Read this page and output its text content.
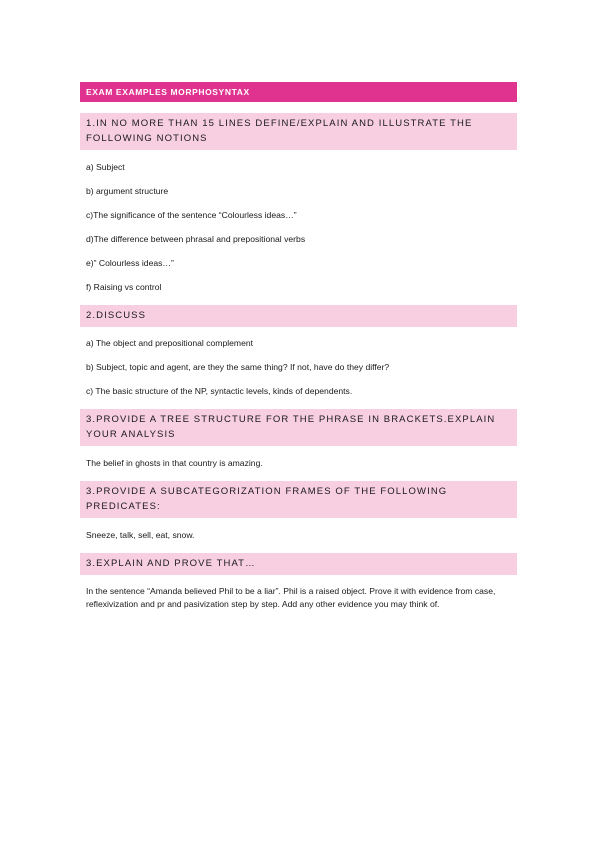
EXAM EXAMPLES MORPHOSYNTAX
1.IN NO MORE THAN 15 LINES DEFINE/EXPLAIN AND ILLUSTRATE THE FOLLOWING NOTIONS
a) Subject
b) argument structure
c)The significance of the sentence “Colourless ideas…”
d)The difference between phrasal and prepositional verbs
e)” Colourless ideas…”
f) Raising vs control
2.DISCUSS
a) The object and prepositional complement
b) Subject, topic and agent, are they the same thing? If not, have do they differ?
c) The basic structure of the NP, syntactic levels, kinds of dependents.
3.PROVIDE A TREE STRUCTURE FOR THE PHRASE IN BRACKETS.EXPLAIN YOUR ANALYSIS
The belief in ghosts in that country is amazing.
3.PROVIDE A SUBCATEGORIZATION FRAMES OF THE FOLLOWING PREDICATES:
Sneeze, talk, sell, eat, snow.
3.EXPLAIN AND PROVE THAT…
In the sentence “Amanda believed Phil to be a liar”. Phil is a raised object. Prove it with evidence from case, reflexivization and pr and pasivization step by step. Add any other evidence you may think of.
